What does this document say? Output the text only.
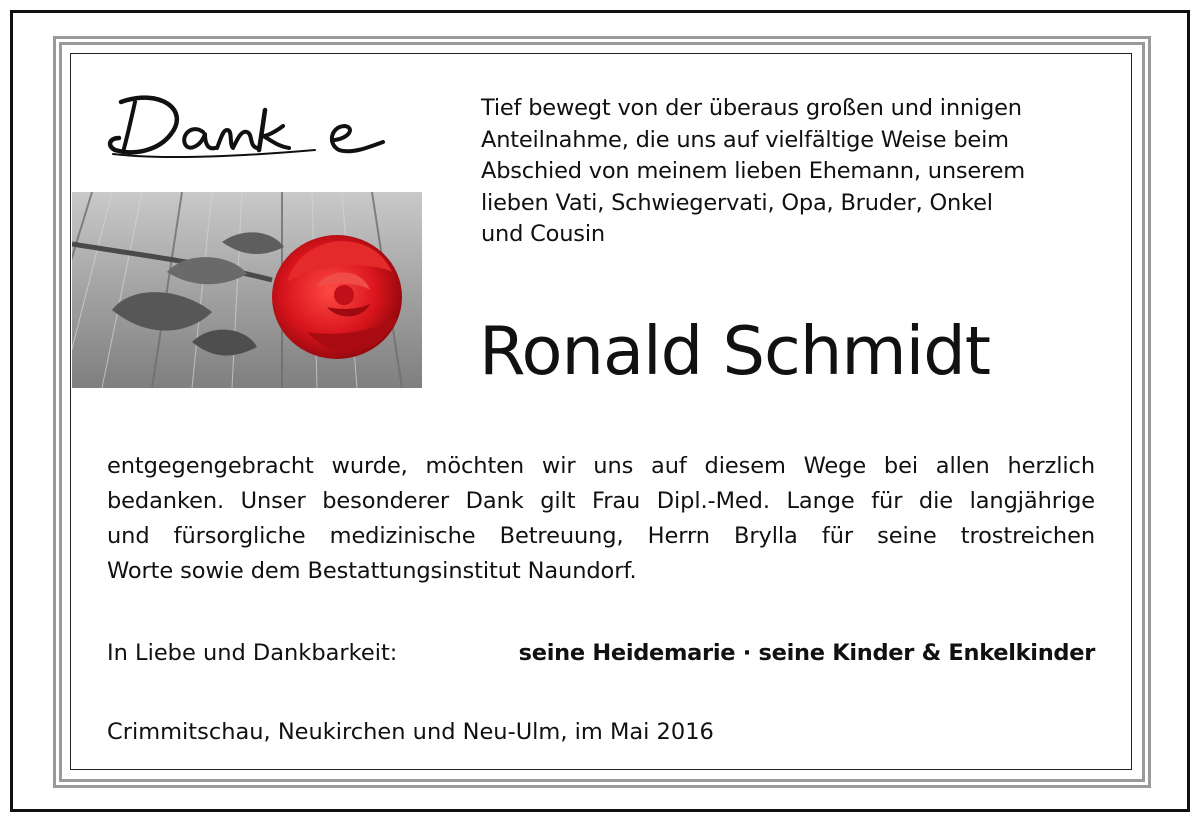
Tief bewegt von der überaus großen und innigen
Anteilnahme, die uns auf vielfältige Weise beim
Abschied von meinem lieben Ehemann, unserem
lieben Vati, Schwiegervati, Opa, Bruder, Onkel
und Cousin
Ronald Schmidt
entgegengebracht wurde, möchten wir uns auf diesem Wege bei allen herzlich
bedanken. Unser besonderer Dank gilt Frau Dipl.-Med. Lange für die langjährige
und fürsorgliche medizinische Betreuung, Herrn Brylla für seine trostreichen
Worte sowie dem Bestattungsinstitut Naundorf.
In Liebe und Dankbarkeit:	seine Heidemarie · seine Kinder & Enkelkinder
Crimmitschau, Neukirchen und Neu-Ulm, im Mai 2016
